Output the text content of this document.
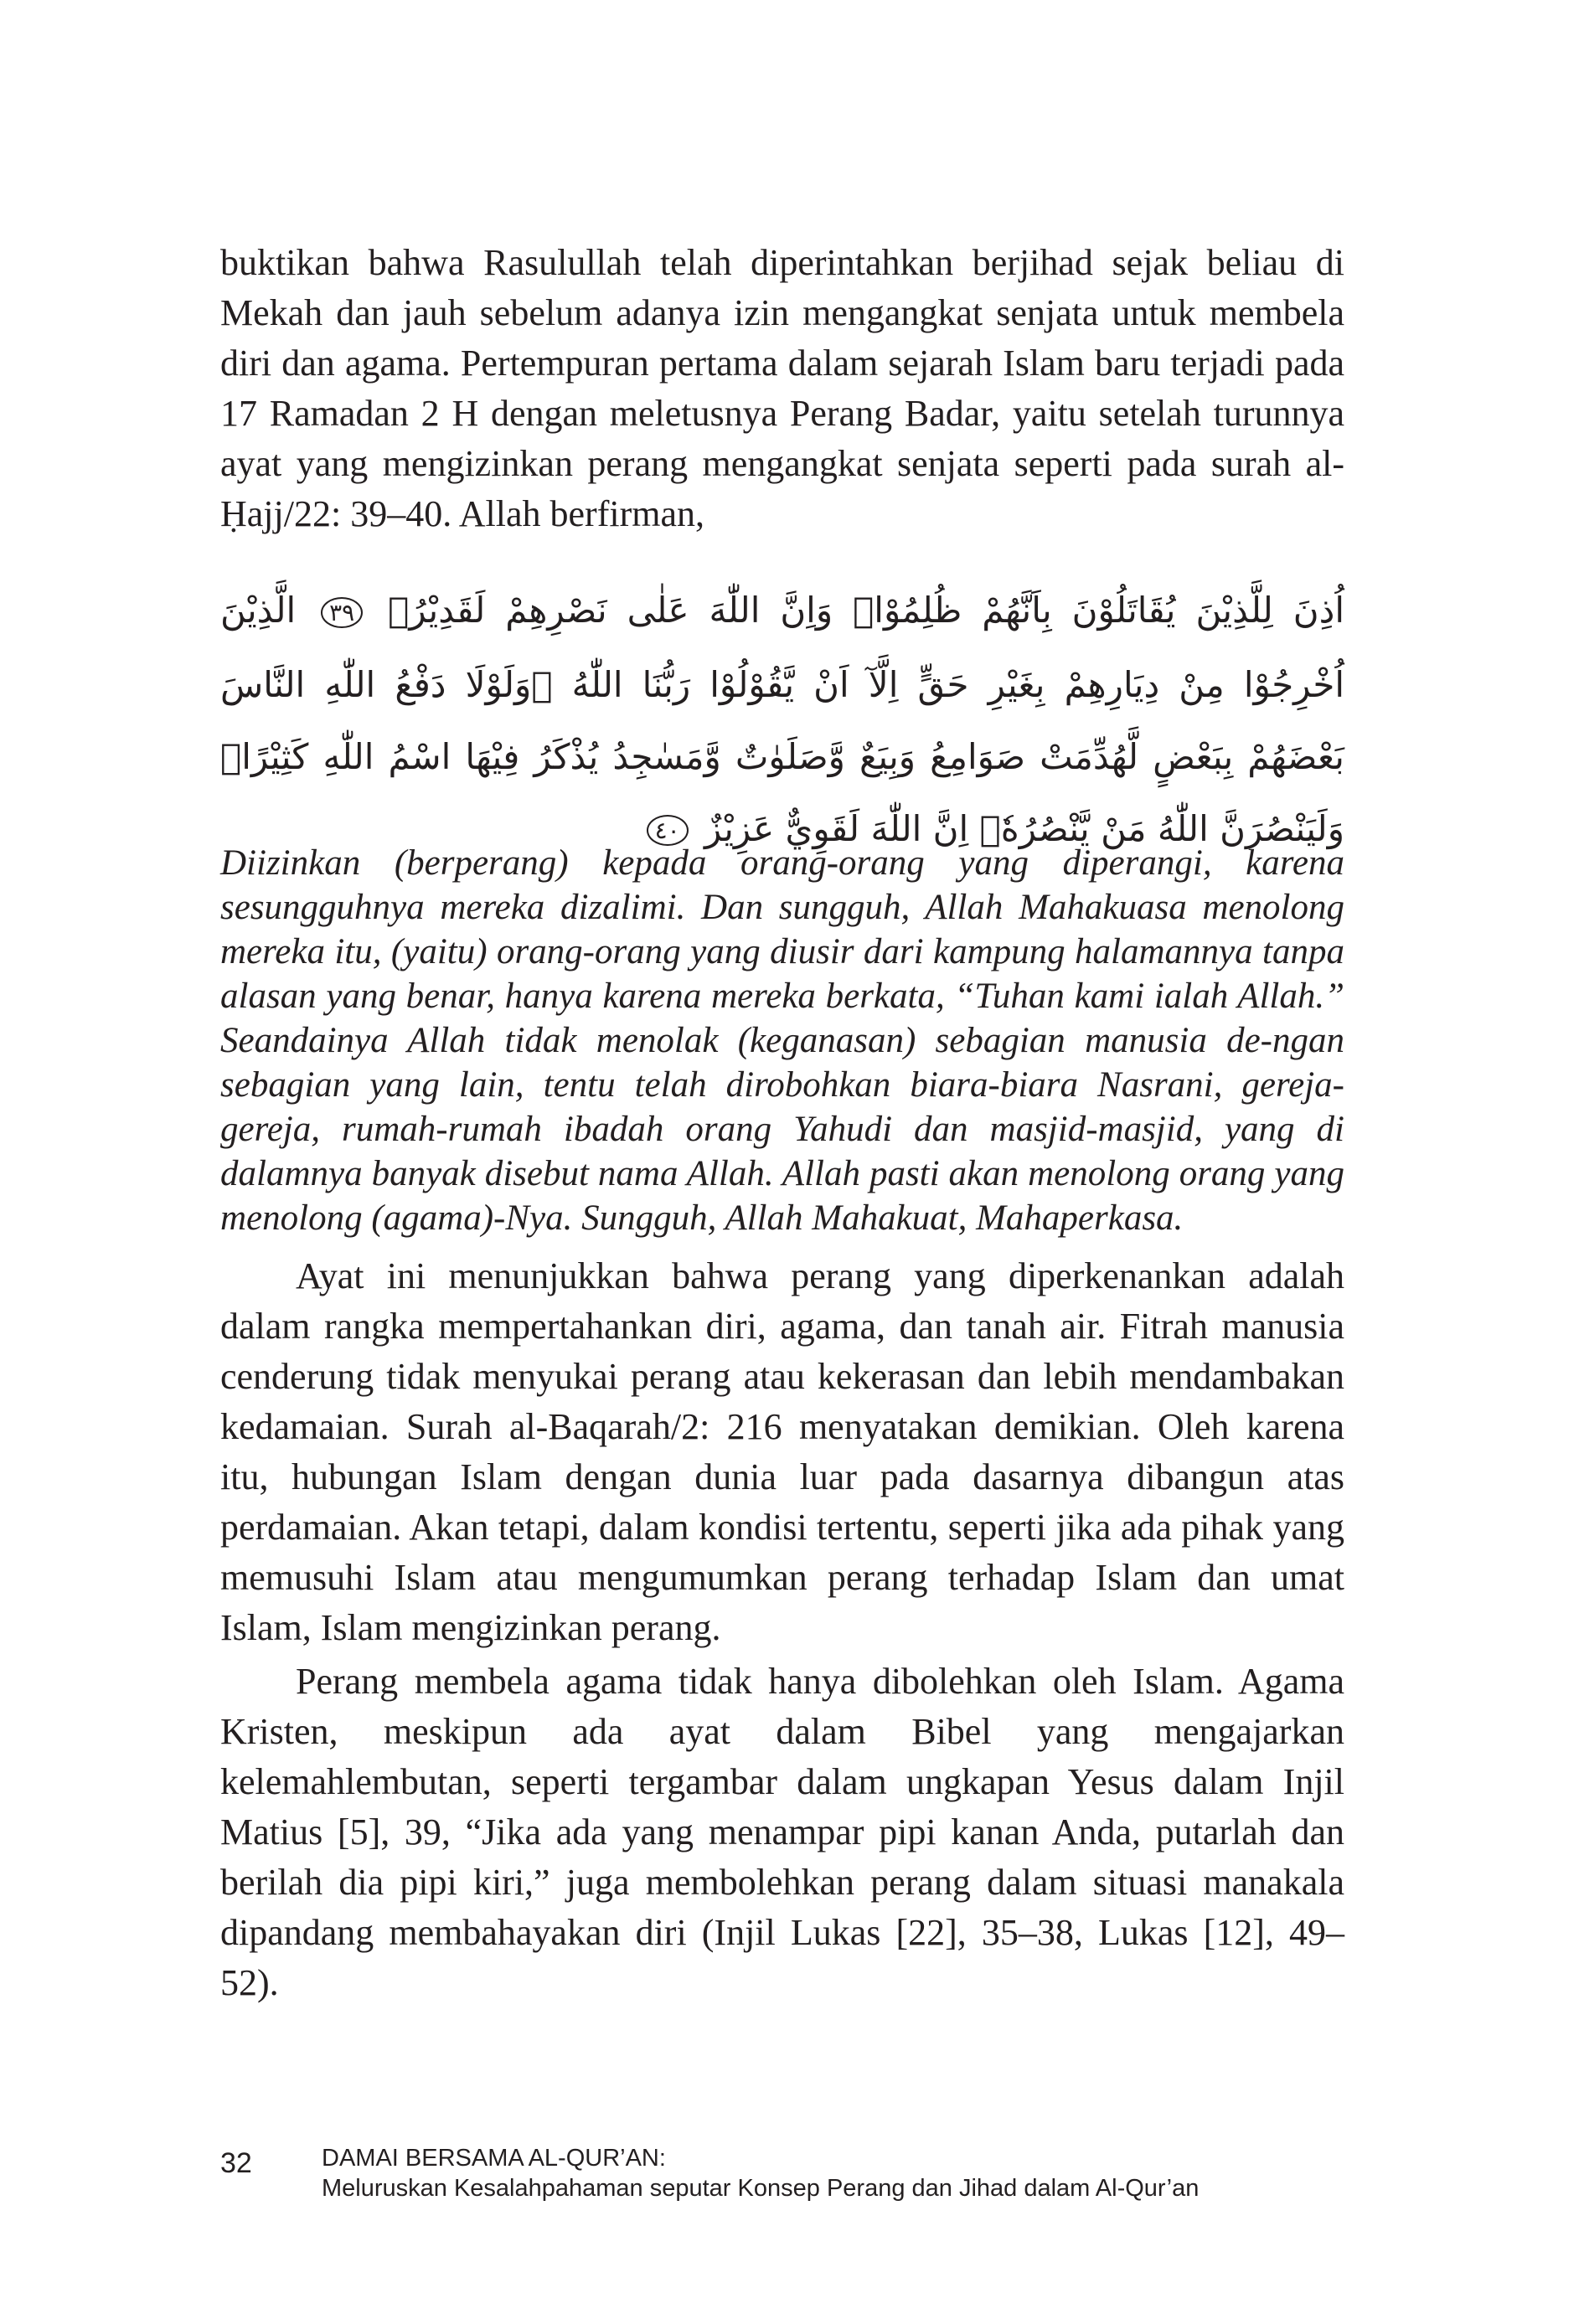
buktikan bahwa Rasulullah telah diperintahkan berjihad sejak beliau di Mekah dan jauh sebelum adanya izin mengangkat senjata untuk membela diri dan agama. Pertempuran pertama dalam sejarah Islam baru terjadi pada 17 Ramadan 2 H dengan meletusnya Perang Badar, yaitu setelah turunnya ayat yang mengizinkan perang mengangkat senjata seperti pada surah al-Ḥajj/22: 39–40. Allah berfirman,
اُذِنَ لِلَّذِيْنَ يُقَاتَلُوْنَ بِاَنَّهُمْ ظُلِمُوْاۗ وَاِنَّ اللّٰهَ عَلٰى نَصْرِهِمْ لَقَدِيْرُۙ ٣٩ الَّذِيْنَ اُخْرِجُوْا مِنْ دِيَارِهِمْ بِغَيْرِ حَقٍّ اِلَّآ اَنْ يَّقُوْلُوْا رَبُّنَا اللّٰهُ ۗوَلَوْلَا دَفْعُ اللّٰهِ النَّاسَ بَعْضَهُمْ بِبَعْضٍ لَّهُدِّمَتْ صَوَامِعُ وَبِيَعٌ وَّصَلَوٰتٌ وَّمَسٰجِدُ يُذْكَرُ فِيْهَا اسْمُ اللّٰهِ كَثِيْرًاۗ وَلَيَنْصُرَنَّ اللّٰهُ مَنْ يَّنْصُرُهٗۗ اِنَّ اللّٰهَ لَقَوِيٌّ عَزِيْزٌ ٤٠
Diizinkan (berperang) kepada orang-orang yang diperangi, karena sesungguhnya mereka dizalimi. Dan sungguh, Allah Mahakuasa menolong mereka itu, (yaitu) orang-orang yang diusir dari kampung halamannya tanpa alasan yang benar, hanya karena mereka berkata, “Tuhan kami ialah Allah.” Seandainya Allah tidak menolak (keganasan) sebagian manusia de-ngan sebagian yang lain, tentu telah dirobohkan biara-biara Nasrani, gereja-gereja, rumah-rumah ibadah orang Yahudi dan masjid-masjid, yang di dalamnya banyak disebut nama Allah. Allah pasti akan menolong orang yang menolong (agama)-Nya. Sungguh, Allah Mahakuat, Mahaperkasa.

Ayat ini menunjukkan bahwa perang yang diperkenankan adalah dalam rangka mempertahankan diri, agama, dan tanah air. Fitrah manusia cenderung tidak menyukai perang atau kekerasan dan lebih mendambakan kedamaian. Surah al-Baqarah/2: 216 menyatakan demikian. Oleh karena itu, hubungan Islam dengan dunia luar pada dasarnya dibangun atas perdamaian. Akan tetapi, dalam kondisi tertentu, seperti jika ada pihak yang memusuhi Islam atau mengumumkan perang terhadap Islam dan umat Islam, Islam mengizinkan perang.

Perang membela agama tidak hanya dibolehkan oleh Islam. Agama Kristen, meskipun ada ayat dalam Bibel yang mengajarkan kelemahlembutan, seperti tergambar dalam ungkapan Yesus dalam Injil Matius [5], 39, “Jika ada yang menampar pipi kanan Anda, putarlah dan berilah dia pipi kiri,” juga membolehkan perang dalam situasi manakala dipandang membahayakan diri (Injil Lukas [22], 35–38, Lukas [12], 49–52).

32	DAMAI BERSAMA AL-QUR’AN:
Meluruskan Kesalahpahaman seputar Konsep Perang dan Jihad dalam Al-Qur’an
